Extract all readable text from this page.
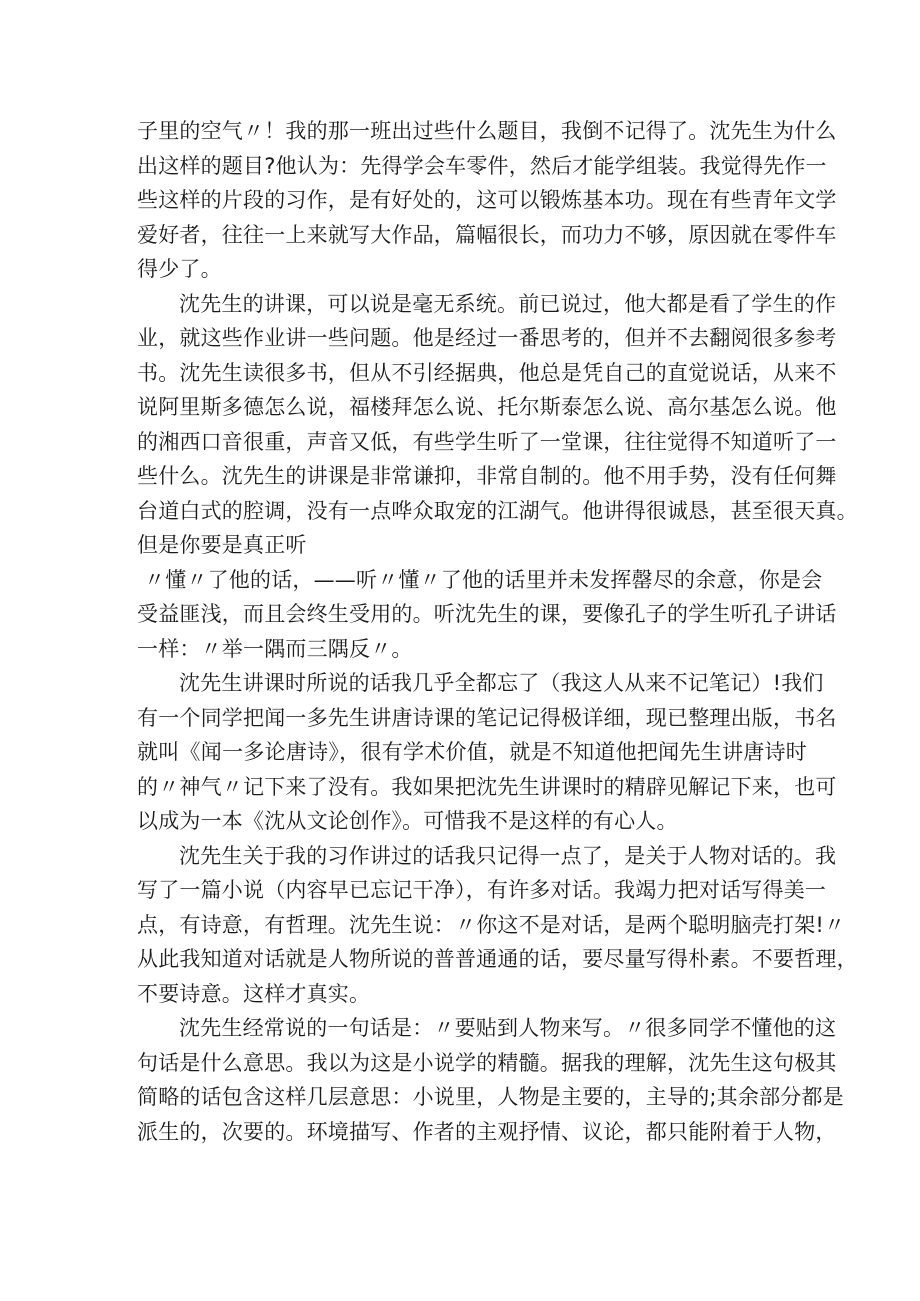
子里的空气〃！我的那一班出过些什么题目，我倒不记得了。沈先生为什么
出这样的题目?他认为：先得学会车零件，然后才能学组装。我觉得先作一
些这样的片段的习作，是有好处的，这可以锻炼基本功。现在有些青年文学
爱好者，往往一上来就写大作品，篇幅很长，而功力不够，原因就在零件车
得少了。
沈先生的讲课，可以说是毫无系统。前已说过，他大都是看了学生的作
业，就这些作业讲一些问题。他是经过一番思考的，但并不去翻阅很多参考
书。沈先生读很多书，但从不引经据典，他总是凭自己的直觉说话，从来不
说阿里斯多德怎么说，福楼拜怎么说、托尔斯泰怎么说、高尔基怎么说。他
的湘西口音很重，声音又低，有些学生听了一堂课，往往觉得不知道听了一
些什么。沈先生的讲课是非常谦抑，非常自制的。他不用手势，没有任何舞
台道白式的腔调，没有一点哗众取宠的江湖气。他讲得很诚恳，甚至很天真。
但是你要是真正听
〃懂〃了他的话，——听〃懂〃了他的话里并未发挥罄尽的余意，你是会
受益匪浅，而且会终生受用的。听沈先生的课，要像孔子的学生听孔子讲话
一样：〃举一隅而三隅反〃。
沈先生讲课时所说的话我几乎全都忘了（我这人从来不记笔记）!我们
有一个同学把闻一多先生讲唐诗课的笔记记得极详细，现已整理出版，书名
就叫《闻一多论唐诗》，很有学术价值，就是不知道他把闻先生讲唐诗时
的〃神气〃记下来了没有。我如果把沈先生讲课时的精辟见解记下来，也可
以成为一本《沈从文论创作》。可惜我不是这样的有心人。
沈先生关于我的习作讲过的话我只记得一点了，是关于人物对话的。我
写了一篇小说（内容早已忘记干净），有许多对话。我竭力把对话写得美一
点，有诗意，有哲理。沈先生说：〃你这不是对话，是两个聪明脑壳打架!〃
从此我知道对话就是人物所说的普普通通的话，要尽量写得朴素。不要哲理，
不要诗意。这样才真实。
沈先生经常说的一句话是：〃要贴到人物来写。〃很多同学不懂他的这
句话是什么意思。我以为这是小说学的精髓。据我的理解，沈先生这句极其
简略的话包含这样几层意思：小说里，人物是主要的，主导的;其余部分都是
派生的，次要的。环境描写、作者的主观抒情、议论，都只能附着于人物，
